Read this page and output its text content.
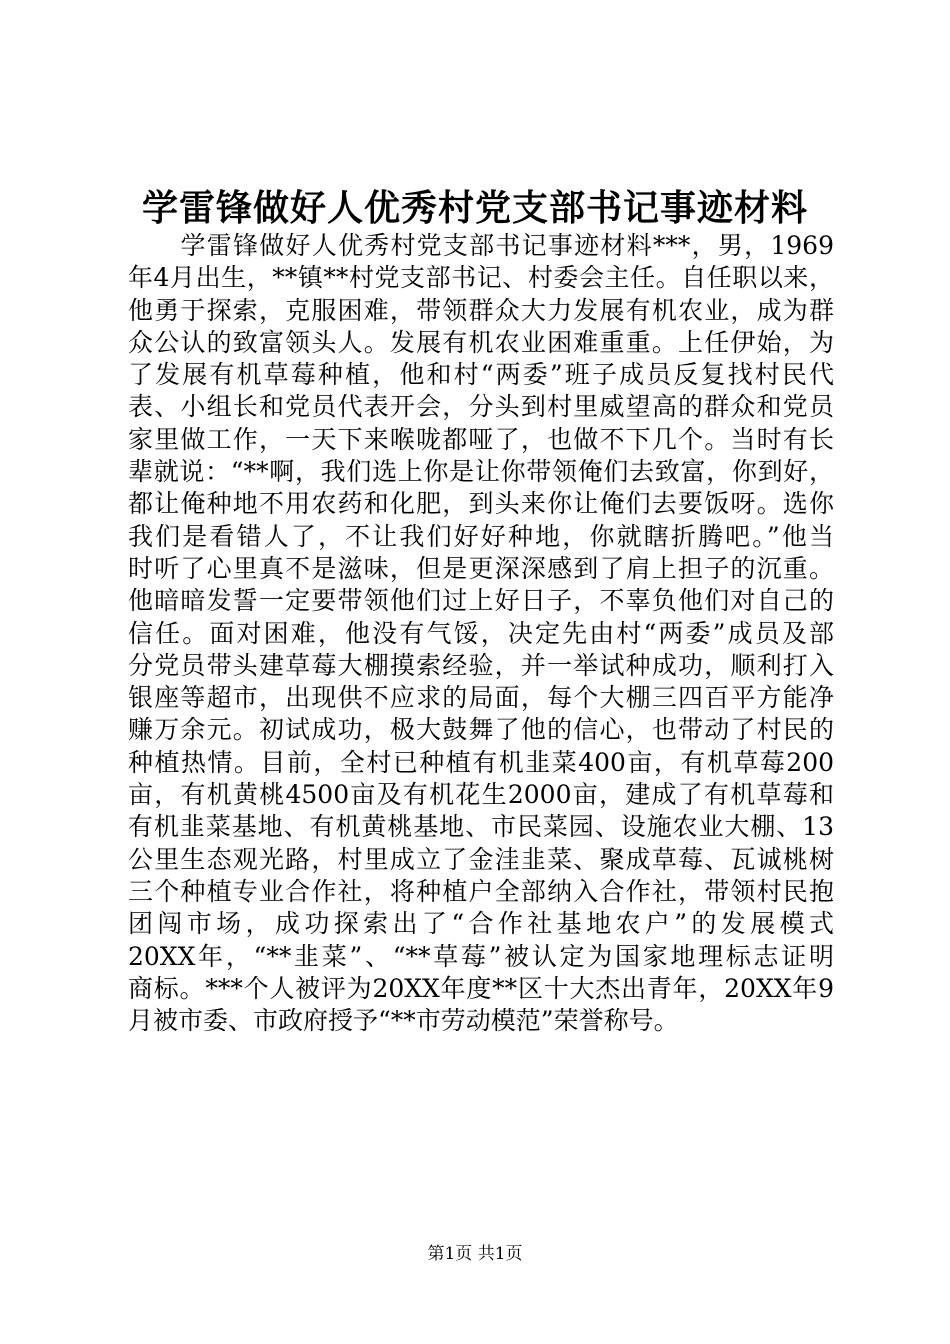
学雷锋做好人优秀村党支部书记事迹材料
　　学雷锋做好人优秀村党支部书记事迹材料***，男，1969
年4月出生，**镇**村党支部书记、村委会主任。自任职以来，
他勇于探索，克服困难，带领群众大力发展有机农业，成为群
众公认的致富领头人。发展有机农业困难重重。上任伊始，为
了发展有机草莓种植，他和村“两委”班子成员反复找村民代
表、小组长和党员代表开会，分头到村里威望高的群众和党员
家里做工作，一天下来喉咙都哑了，也做不下几个。当时有长
辈就说：“**啊，我们选上你是让你带领俺们去致富，你到好，
都让俺种地不用农药和化肥，到头来你让俺们去要饭呀。选你
我们是看错人了，不让我们好好种地，你就瞎折腾吧。”他当
时听了心里真不是滋味，但是更深深感到了肩上担子的沉重。
他暗暗发誓一定要带领他们过上好日子，不辜负他们对自己的
信任。面对困难，他没有气馁，决定先由村“两委”成员及部
分党员带头建草莓大棚摸索经验，并一举试种成功，顺利打入
银座等超市，出现供不应求的局面，每个大棚三四百平方能净
赚万余元。初试成功，极大鼓舞了他的信心，也带动了村民的
种植热情。目前，全村已种植有机韭菜400亩，有机草莓200
亩，有机黄桃4500亩及有机花生2000亩，建成了有机草莓和
有机韭菜基地、有机黄桃基地、市民菜园、设施农业大棚、13
公里生态观光路，村里成立了金洼韭菜、聚成草莓、瓦诚桃树
三个种植专业合作社，将种植户全部纳入合作社，带领村民抱
团闯市场，成功探索出了“合作社基地农户”的发展模式
20XX年，“**韭菜”、“**草莓”被认定为国家地理标志证明
商标。***个人被评为20XX年度**区十大杰出青年，20XX年9
月被市委、市政府授予“**市劳动模范”荣誉称号。
第1页 共1页
